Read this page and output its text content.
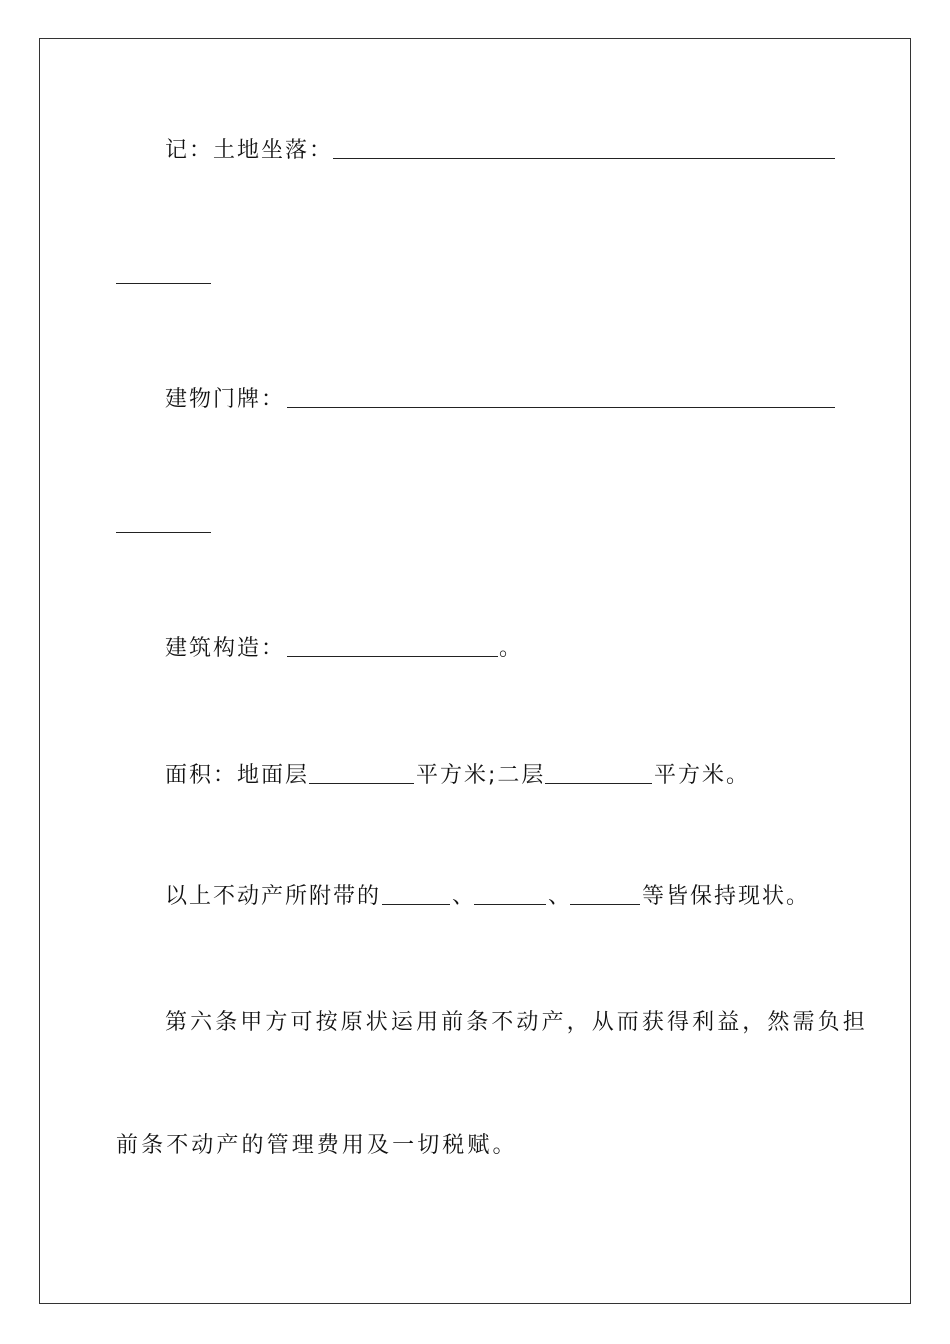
记：土地坐落：
建物门牌：
建筑构造：	。
面积：地面层	平方米;二层	平方米。
以上不动产所附带的	、	、	等皆保持现状。
第六条甲方可按原状运用前条不动产，从而获得利益，然需负担
前条不动产的管理费用及一切税赋。
